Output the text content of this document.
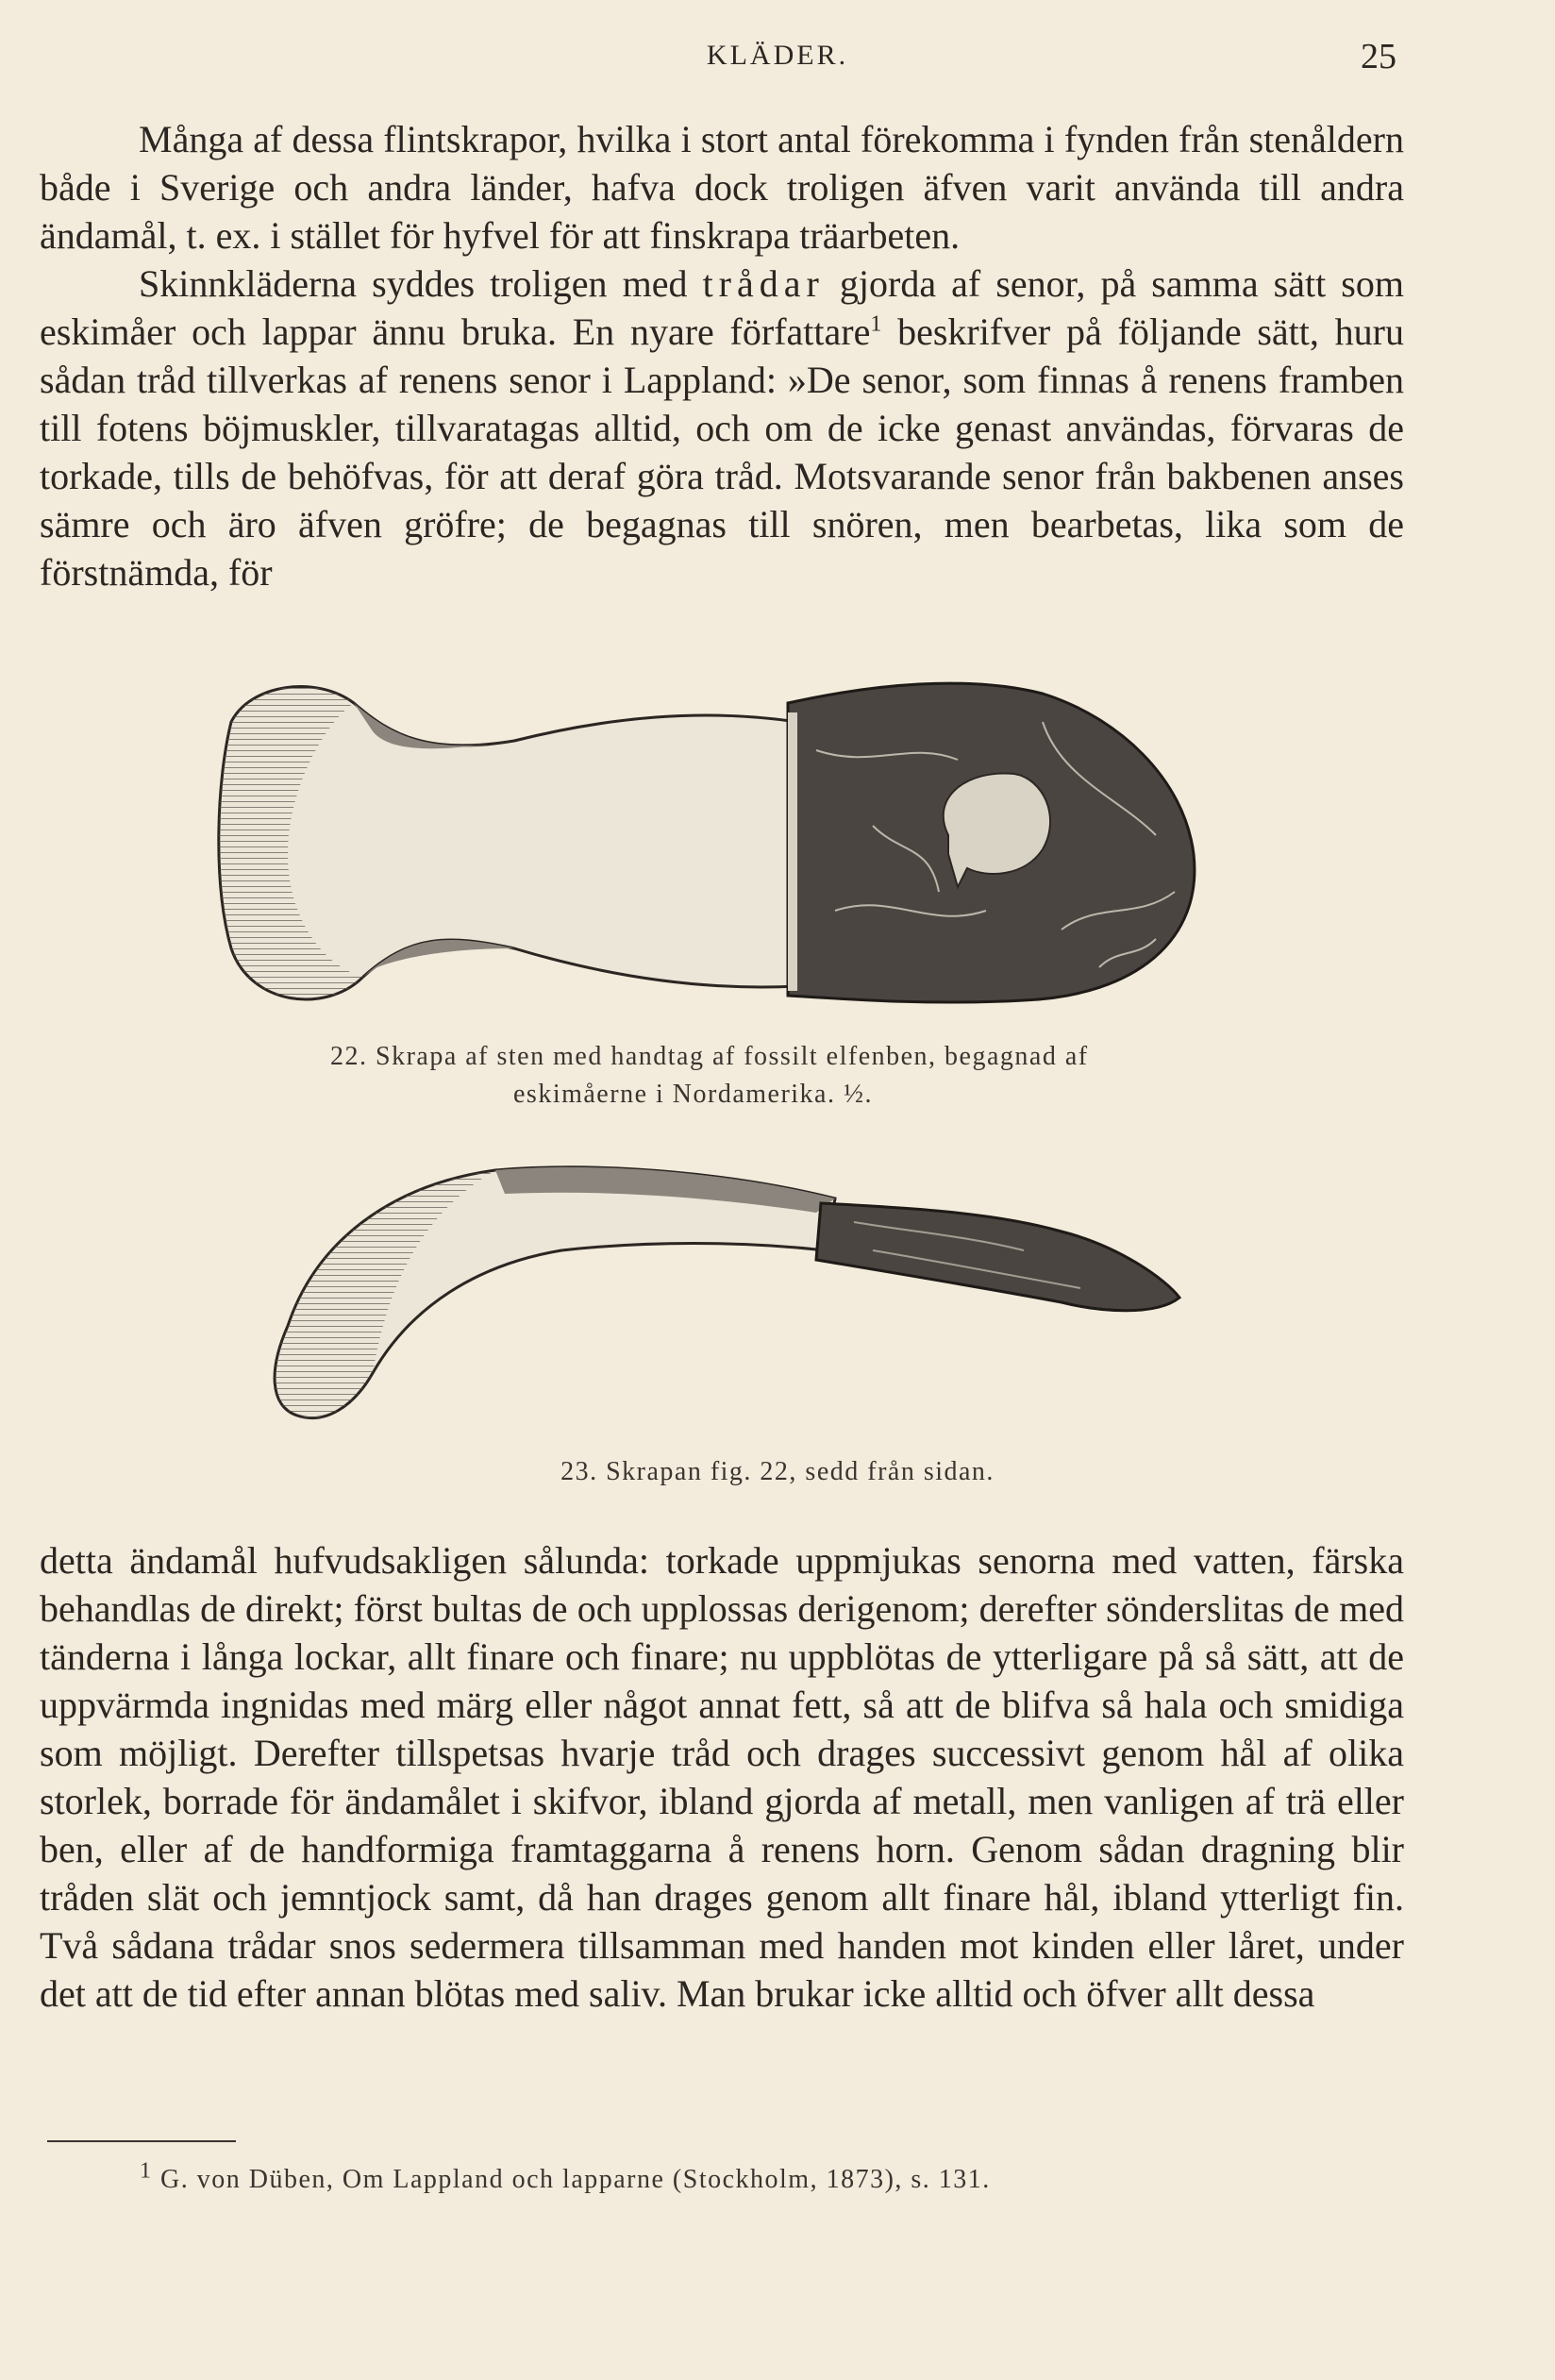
KLÄDER.	25

Många af dessa flintskrapor, hvilka i stort antal förekomma i fynden från stenåldern både i Sverige och andra länder, hafva dock troligen äfven varit använda till andra ändamål, t. ex. i stället för hyfvel för att finskrapa träarbeten.

Skinnkläderna syddes troligen med trådar gjorda af senor, på samma sätt som eskimåer och lappar ännu bruka. En nyare författare$^1$ beskrifver på följande sätt, huru sådan tråd tillverkas af renens senor i Lappland: »De senor, som finnas å renens framben till fotens böjmuskler, tillvaratagas alltid, och om de icke genast användas, förvaras de torkade, tills de behöfvas, för att deraf göra tråd. Motsvarande senor från bakbenen anses sämre och äro äfven gröfre; de begagnas till snören, men bearbetas, lika som de förstnämda, för

22. Skrapa af sten med handtag af fossilt elfenben, begagnad af
eskimåerne i Nordamerika. ½.
23. Skrapan fig. 22, sedd från sidan.

detta ändamål hufvudsakligen sålunda: torkade uppmjukas senorna med vatten, färska behandlas de direkt; först bultas de och upplossas derigenom; derefter sönderslitas de med tänderna i långa lockar, allt finare och finare; nu uppblötas de ytterligare på så sätt, att de uppvärmda ingnidas med märg eller något annat fett, så att de blifva så hala och smidiga som möjligt. Derefter tillspetsas hvarje tråd och drages successivt genom hål af olika storlek, borrade för ändamålet i skifvor, ibland gjorda af metall, men vanligen af trä eller ben, eller af de handformiga framtaggarna å renens horn. Genom sådan dragning blir tråden slät och jemntjock samt, då han drages genom allt finare hål, ibland ytterligt fin. Två sådana trådar snos sedermera tillsamman med handen mot kinden eller låret, under det att de tid efter annan blötas med saliv. Man brukar icke alltid och öfver allt dessa

$^1$ G. von Düben, Om Lappland och lapparne (Stockholm, 1873), s. 131.
